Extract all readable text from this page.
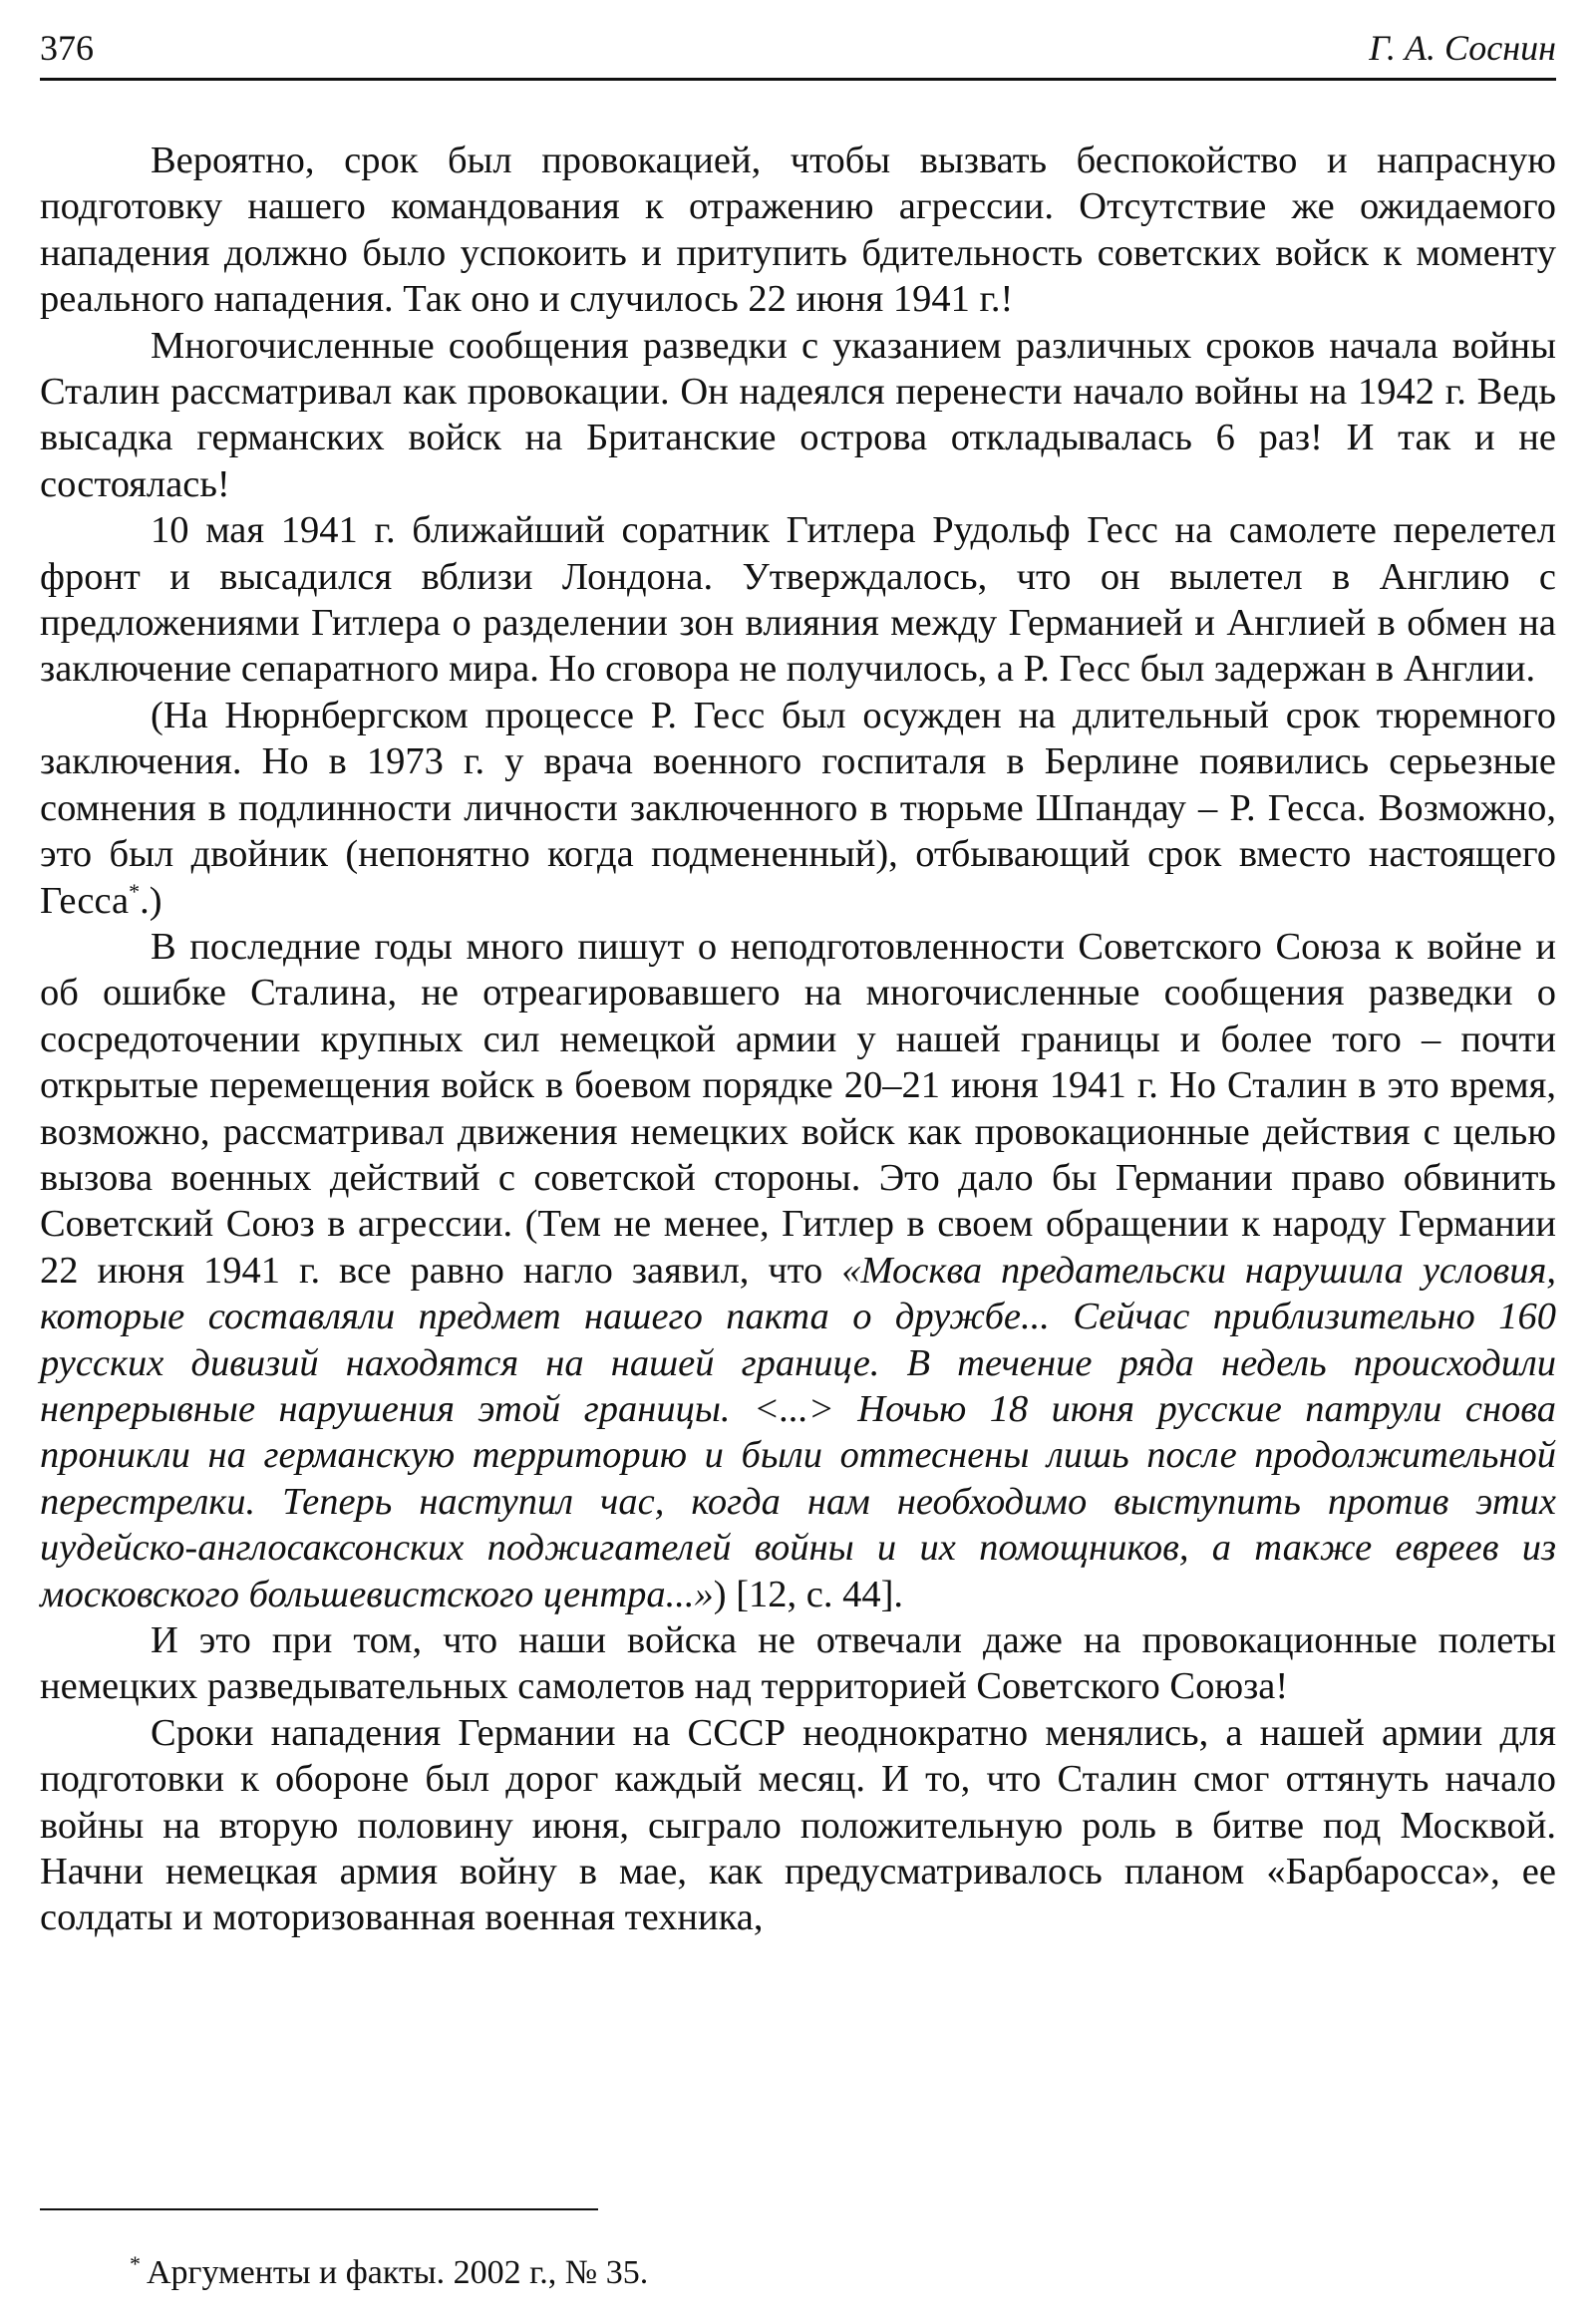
376	Г. А. Соснин

Вероятно, срок был провокацией, чтобы вызвать беспокойство и напрасную подготовку нашего командования к отражению агрессии. Отсутствие же ожидаемого нападения должно было успокоить и притупить бдительность советских войск к моменту реального нападения. Так оно и случилось 22 июня 1941 г.!

Многочисленные сообщения разведки с указанием различных сроков начала войны Сталин рассматривал как провокации. Он надеялся перенести начало войны на 1942 г. Ведь высадка германских войск на Британские острова откладывалась 6 раз! И так и не состоялась!

10 мая 1941 г. ближайший соратник Гитлера Рудольф Гесс на самолете перелетел фронт и высадился вблизи Лондона. Утверждалось, что он вылетел в Англию с предложениями Гитлера о разделении зон влияния между Германией и Англией в обмен на заключение сепаратного мира. Но сговора не получилось, а Р. Гесс был задержан в Англии.

(На Нюрнбергском процессе Р. Гесс был осужден на длительный срок тюремного заключения. Но в 1973 г. у врача военного госпиталя в Берлине появились серьезные сомнения в подлинности личности заключенного в тюрьме Шпандау – Р. Гесса. Возможно, это был двойник (непонятно когда подмененный), отбывающий срок вместо настоящего Гесса*.)

В последние годы много пишут о неподготовленности Советского Союза к войне и об ошибке Сталина, не отреагировавшего на многочисленные сообщения разведки о сосредоточении крупных сил немецкой армии у нашей границы и более того – почти открытые перемещения войск в боевом порядке 20–21 июня 1941 г. Но Сталин в это время, возможно, рассматривал движения немецких войск как провокационные действия с целью вызова военных действий с советской стороны. Это дало бы Германии право обвинить Советский Союз в агрессии. (Тем не менее, Гитлер в своем обращении к народу Германии 22 июня 1941 г. все равно нагло заявил, что «Москва предательски нарушила условия, которые составляли предмет нашего пакта о дружбе... Сейчас приблизительно 160 русских дивизий находятся на нашей границе. В течение ряда недель происходили непрерывные нарушения этой границы. <...> Ночью 18 июня русские патрули снова проникли на германскую территорию и были оттеснены лишь после продолжительной перестрелки. Теперь наступил час, когда нам необходимо выступить против этих иудейско-англосаксонских поджигателей войны и их помощников, а также евреев из московского большевистского центра...») [12, с. 44].

И это при том, что наши войска не отвечали даже на провокационные полеты немецких разведывательных самолетов над территорией Советского Союза!

Сроки нападения Германии на СССР неоднократно менялись, а нашей армии для подготовки к обороне был дорог каждый месяц. И то, что Сталин смог оттянуть начало войны на вторую половину июня, сыграло положительную роль в битве под Москвой. Начни немецкая армия войну в мае, как предусматривалось планом «Барбаросса», ее солдаты и моторизованная военная техника,

* Аргументы и факты. 2002 г., № 35.
